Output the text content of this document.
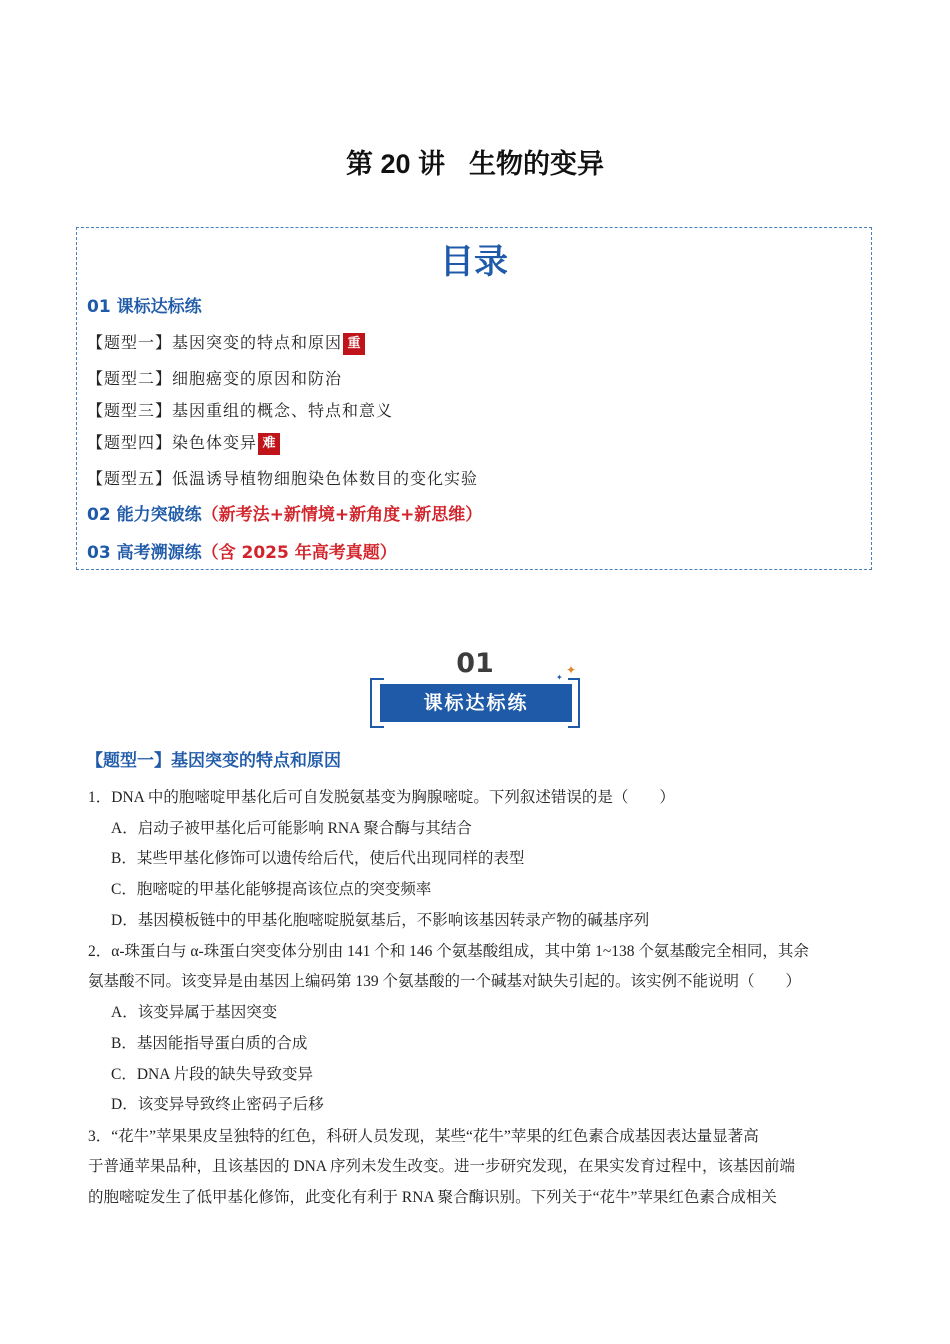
第 20 讲 生物的变异
目录
01 课标达标练
【题型一】基因突变的特点和原因 重
【题型二】细胞癌变的原因和防治
【题型三】基因重组的概念、特点和意义
【题型四】染色体变异 难
【题型五】低温诱导植物细胞染色体数目的变化实验
02 能力突破练（新考法+新情境+新角度+新思维）
03 高考溯源练（含 2025 年高考真题）
01
课标达标练
✦
✦
【题型一】基因突变的特点和原因
1．DNA 中的胞嘧啶甲基化后可自发脱氨基变为胸腺嘧啶。下列叙述错误的是（　　）
A．启动子被甲基化后可能影响 RNA 聚合酶与其结合
B．某些甲基化修饰可以遗传给后代，使后代出现同样的表型
C．胞嘧啶的甲基化能够提高该位点的突变频率
D．基因模板链中的甲基化胞嘧啶脱氨基后，不影响该基因转录产物的碱基序列
2．α-珠蛋白与 α-珠蛋白突变体分别由 141 个和 146 个氨基酸组成，其中第 1~138 个氨基酸完全相同，其余
氨基酸不同。该变异是由基因上编码第 139 个氨基酸的一个碱基对缺失引起的。该实例不能说明（　　）
A．该变异属于基因突变
B．基因能指导蛋白质的合成
C．DNA 片段的缺失导致变异
D．该变异导致终止密码子后移
3．“花牛”苹果果皮呈独特的红色，科研人员发现，某些“花牛”苹果的红色素合成基因表达量显著高
于普通苹果品种，且该基因的 DNA 序列未发生改变。进一步研究发现，在果实发育过程中，该基因前端
的胞嘧啶发生了低甲基化修饰，此变化有利于 RNA 聚合酶识别。下列关于“花牛”苹果红色素合成相关
